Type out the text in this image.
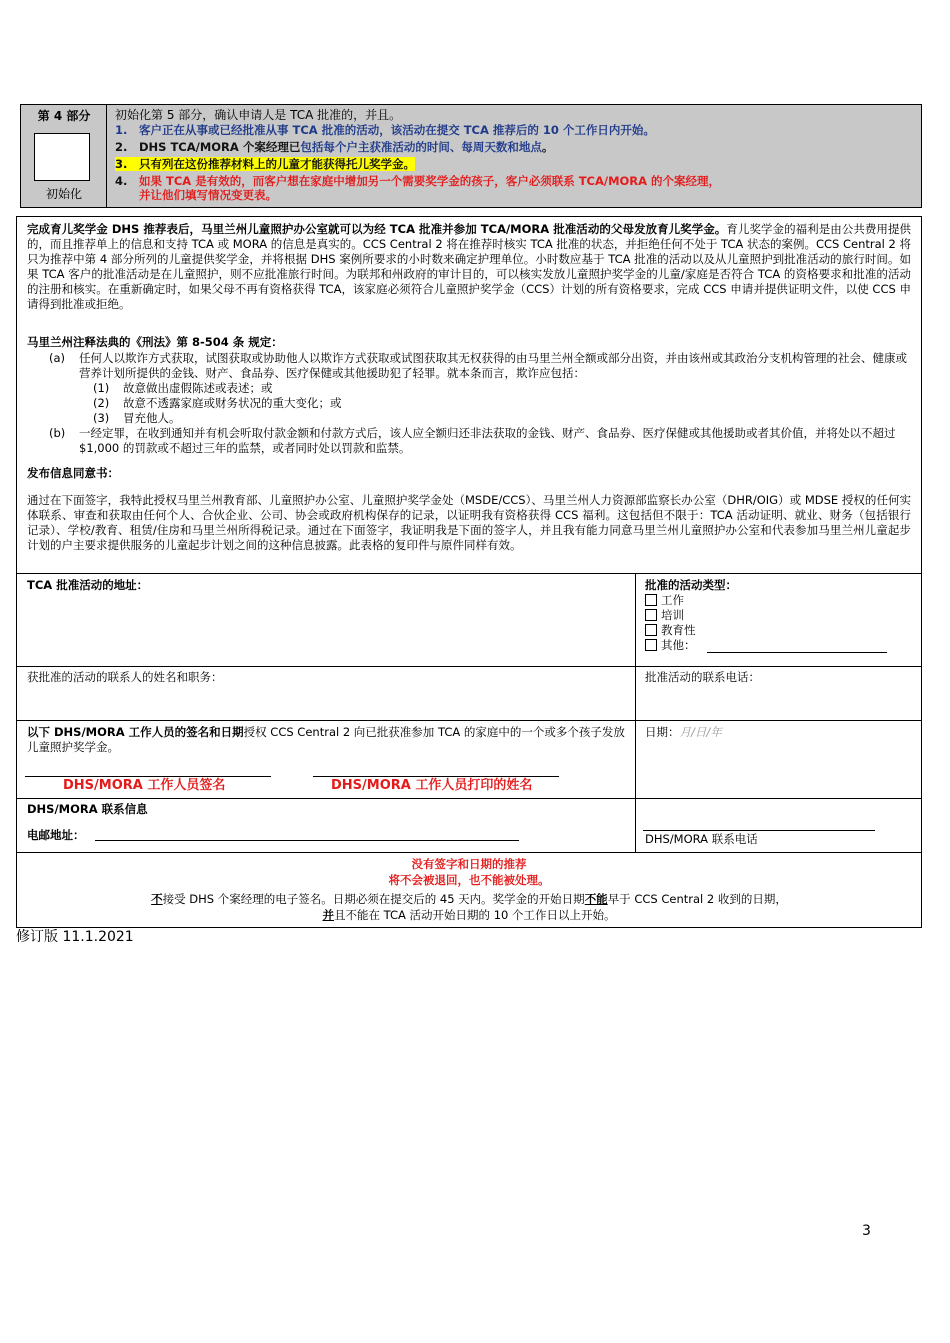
第 4 部分
初始化
初始化第 5 部分，确认申请人是 TCA 批准的，并且。
1.	客户正在从事或已经批准从事 TCA 批准的活动，该活动在提交 TCA 推荐后的 10 个工作日内开始。
2.	DHS TCA/MORA 个案经理已包括每个户主获准活动的时间、每周天数和地点。
3.	只有列在这份推荐材料上的儿童才能获得托儿奖学金。
4.	如果 TCA 是有效的，而客户想在家庭中增加另一个需要奖学金的孩子，客户必须联系 TCA/MORA 的个案经理，
并让他们填写情况变更表。
完成育儿奖学金 DHS 推荐表后，马里兰州儿童照护办公室就可以为经 TCA 批准并参加 TCA/MORA 批准活动的父母发放育儿奖学金。育儿奖学金的福利是由公共费用提供的，而且推荐单上的信息和支持 TCA 或 MORA 的信息是真实的。CCS Central 2 将在推荐时核实 TCA 批准的状态，并拒绝任何不处于 TCA 状态的案例。CCS Central 2 将只为推荐中第 4 部分所列的儿童提供奖学金，并将根据 DHS 案例所要求的小时数来确定护理单位。小时数应基于 TCA 批准的活动以及从儿童照护到批准活动的旅行时间。如果 TCA 客户的批准活动是在儿童照护，则不应批准旅行时间。为联邦和州政府的审计目的，可以核实发放儿童照护奖学金的儿童/家庭是否符合 TCA 的资格要求和批准的活动的注册和核实。在重新确定时，如果父母不再有资格获得 TCA，该家庭必须符合儿童照护奖学金（CCS）计划的所有资格要求，完成 CCS 申请并提供证明文件，以使 CCS 申请得到批准或拒绝。
马里兰州注释法典的《刑法》第 8-504 条 规定：
(a)	任何人以欺诈方式获取，试图获取或协助他人以欺诈方式获取或试图获取其无权获得的由马里兰州全额或部分出资，并由该州或其政治分支机构管理的社会、健康或营养计划所提供的金钱、财产、食品券、医疗保健或其他援助犯了轻罪。就本条而言，欺诈应包括：
(1)	故意做出虚假陈述或表述；或
(2)	故意不透露家庭或财务状况的重大变化；或
(3)	冒充他人。
(b)	一经定罪，在收到通知并有机会听取付款金额和付款方式后，该人应全额归还非法获取的金钱、财产、食品券、医疗保健或其他援助或者其价值，并将处以不超过 $1,000 的罚款或不超过三年的监禁，或者同时处以罚款和监禁。
发布信息同意书：
通过在下面签字，我特此授权马里兰州教育部、儿童照护办公室、儿童照护奖学金处（MSDE/CCS）、马里兰州人力资源部监察长办公室（DHR/OIG）或 MDSE 授权的任何实体联系、审查和获取由任何个人、合伙企业、公司、协会或政府机构保存的记录，以证明我有资格获得 CCS 福利。这包括但不限于：TCA 活动证明、就业、财务（包括银行记录）、学校/教育、租赁/住房和马里兰州所得税记录。通过在下面签字，我证明我是下面的签字人，并且我有能力同意马里兰州儿童照护办公室和代表参加马里兰州儿童起步计划的户主要求提供服务的儿童起步计划之间的这种信息披露。此表格的复印件与原件同样有效。
TCA 批准活动的地址：	批准的活动类型：
工作
培训
教育性
其他：
获批准的活动的联系人的姓名和职务：	批准活动的联系电话：
以下 DHS/MORA 工作人员的签名和日期授权 CCS Central 2 向已批获准参加 TCA 的家庭中的一个或多个孩子发放儿童照护奖学金。
日期：月/日/年
DHS/MORA 工作人员签名	DHS/MORA 工作人员打印的姓名
DHS/MORA 联系信息
电邮地址：	DHS/MORA 联系电话
没有签字和日期的推荐
将不会被退回，也不能被处理。
不接受 DHS 个案经理的电子签名。日期必须在提交后的 45 天内。奖学金的开始日期不能早于 CCS Central 2 收到的日期，
并且不能在 TCA 活动开始日期的 10 个工作日以上开始。
修订版 11.1.2021
3
